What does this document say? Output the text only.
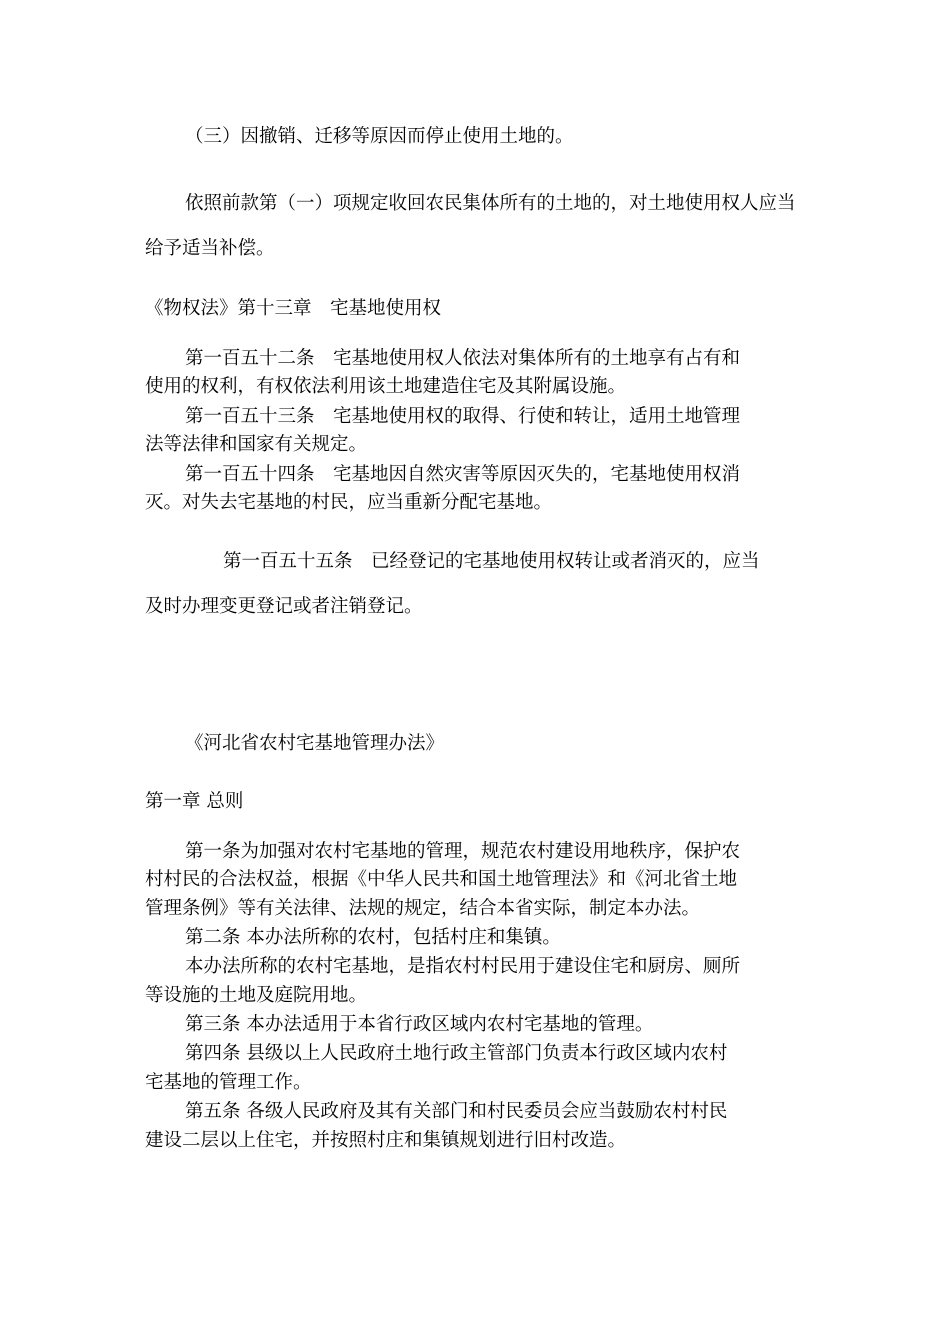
（三）因撤销、迁移等原因而停止使用土地的。
依照前款第（一）项规定收回农民集体所有的土地的，对土地使用权人应当
给予适当补偿。
《物权法》第十三章　宅基地使用权
第一百五十二条　宅基地使用权人依法对集体所有的土地享有占有和
使用的权利，有权依法利用该土地建造住宅及其附属设施。
第一百五十三条　宅基地使用权的取得、行使和转让，适用土地管理
法等法律和国家有关规定。
第一百五十四条　宅基地因自然灾害等原因灭失的，宅基地使用权消
灭。对失去宅基地的村民，应当重新分配宅基地。
第一百五十五条　已经登记的宅基地使用权转让或者消灭的，应当
及时办理变更登记或者注销登记。
《河北省农村宅基地管理办法》
第一章 总则
第一条为加强对农村宅基地的管理，规范农村建设用地秩序，保护农
村村民的合法权益，根据《中华人民共和国土地管理法》和《河北省土地
管理条例》等有关法律、法规的规定，结合本省实际，制定本办法。
第二条 本办法所称的农村，包括村庄和集镇。
本办法所称的农村宅基地，是指农村村民用于建设住宅和厨房、厕所
等设施的土地及庭院用地。
第三条 本办法适用于本省行政区域内农村宅基地的管理。
第四条 县级以上人民政府土地行政主管部门负责本行政区域内农村
宅基地的管理工作。
第五条 各级人民政府及其有关部门和村民委员会应当鼓励农村村民
建设二层以上住宅，并按照村庄和集镇规划进行旧村改造。
